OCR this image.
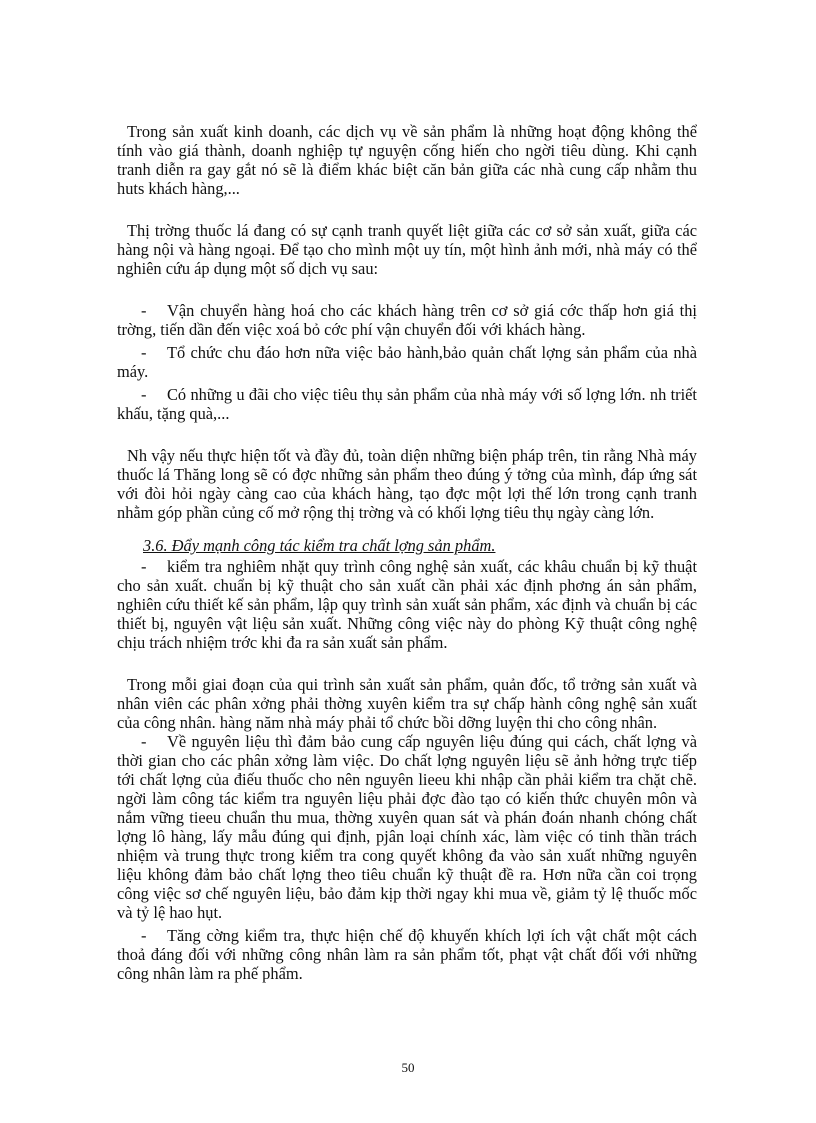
Trong sản xuất kinh doanh, các dịch vụ về sản phẩm là những hoạt động không thể tính vào giá thành, doanh nghiệp tự nguyện cống hiến cho ngời tiêu dùng. Khi cạnh tranh diễn ra gay gắt nó sẽ là điểm khác biệt căn bản giữa các nhà cung cấp nhằm thu huts khách hàng,...

Thị trờng thuốc lá đang có sự cạnh tranh quyết liệt giữa các cơ sở sản xuất, giữa các hàng nội và hàng ngoại. Để tạo cho mình một uy tín, một hình ảnh mới, nhà máy có thể nghiên cứu áp dụng một số dịch vụ sau:

- Vận chuyển hàng hoá cho các khách hàng trên cơ sở giá cớc thấp hơn giá thị trờng, tiến dần đến việc xoá bỏ cớc phí vận chuyển đối với khách hàng.

- Tổ chức chu đáo hơn nữa việc bảo hành,bảo quản chất lợng sản phẩm của nhà máy.

- Có những u đãi cho việc tiêu thụ sản phẩm của nhà máy với số lợng lớn. nh triết khấu, tặng quà,...

Nh vậy nếu thực hiện tốt và đầy đủ, toàn diện những biện pháp trên, tin rằng Nhà máy thuốc lá Thăng long sẽ có đợc những sản phẩm theo đúng ý tởng của mình, đáp ứng sát với đòi hỏi ngày càng cao của khách hàng, tạo đợc một lợi thế lớn trong cạnh tranh nhằm góp phần củng cố mở rộng thị trờng và có khối lợng tiêu thụ ngày càng lớn.

3.6. Đẩy mạnh công tác kiểm tra chất lợng sản phẩm.

- kiểm tra nghiêm nhặt quy trình công nghệ sản xuất, các khâu chuẩn bị kỹ thuật cho sản xuất. chuẩn bị kỹ thuật cho sản xuất cần phải xác định phơng án sản phẩm, nghiên cứu thiết kế sản phẩm, lập quy trình sản xuất sản phẩm, xác định và chuẩn bị các thiết bị, nguyên vật liệu sản xuất. Những công việc này do phòng Kỹ thuật công nghệ chịu trách nhiệm trớc khi đa ra sản xuất sản phẩm.

Trong mỗi giai đoạn của qui trình sản xuất sản phẩm, quản đốc, tổ trởng sản xuất và nhân viên các phân xởng phải thờng xuyên kiểm tra sự chấp hành công nghệ sản xuất của công nhân. hàng năm nhà máy phải tổ chức bồi dỡng luyện thi cho công nhân.

- Về nguyên liệu thì đảm bảo cung cấp nguyên liệu đúng qui cách, chất lợng và thời gian cho các phân xởng làm việc. Do chất lợng nguyên liệu sẽ ảnh hởng trực tiếp tới chất lợng của điếu thuốc cho nên nguyên lieeu khi nhập cần phải kiểm tra chặt chẽ. ngời làm công tác kiểm tra nguyên liệu phải đợc đào tạo có kiến thức chuyên môn và nắm vững tieeu chuẩn thu mua, thờng xuyên quan sát và phán đoán nhanh chóng chất lợng lô hàng, lấy mẫu đúng qui định, pjân loại chính xác, làm việc có tinh thần trách nhiệm và trung thực trong kiểm tra cong quyết không đa vào sản xuất những nguyên liệu không đảm bảo chất lợng theo tiêu chuẩn kỹ thuật đề ra. Hơn nữa cần coi trọng công việc sơ chế nguyên liệu, bảo đảm kịp thời ngay khi mua về, giảm tỷ lệ thuốc mốc và tỷ lệ hao hụt.

- Tăng cờng kiểm tra, thực hiện chế độ khuyến khích lợi ích vật chất một cách thoả đáng đối với những công nhân làm ra sản phẩm tốt, phạt vật chất đối với những công nhân làm ra phế phẩm.

50
